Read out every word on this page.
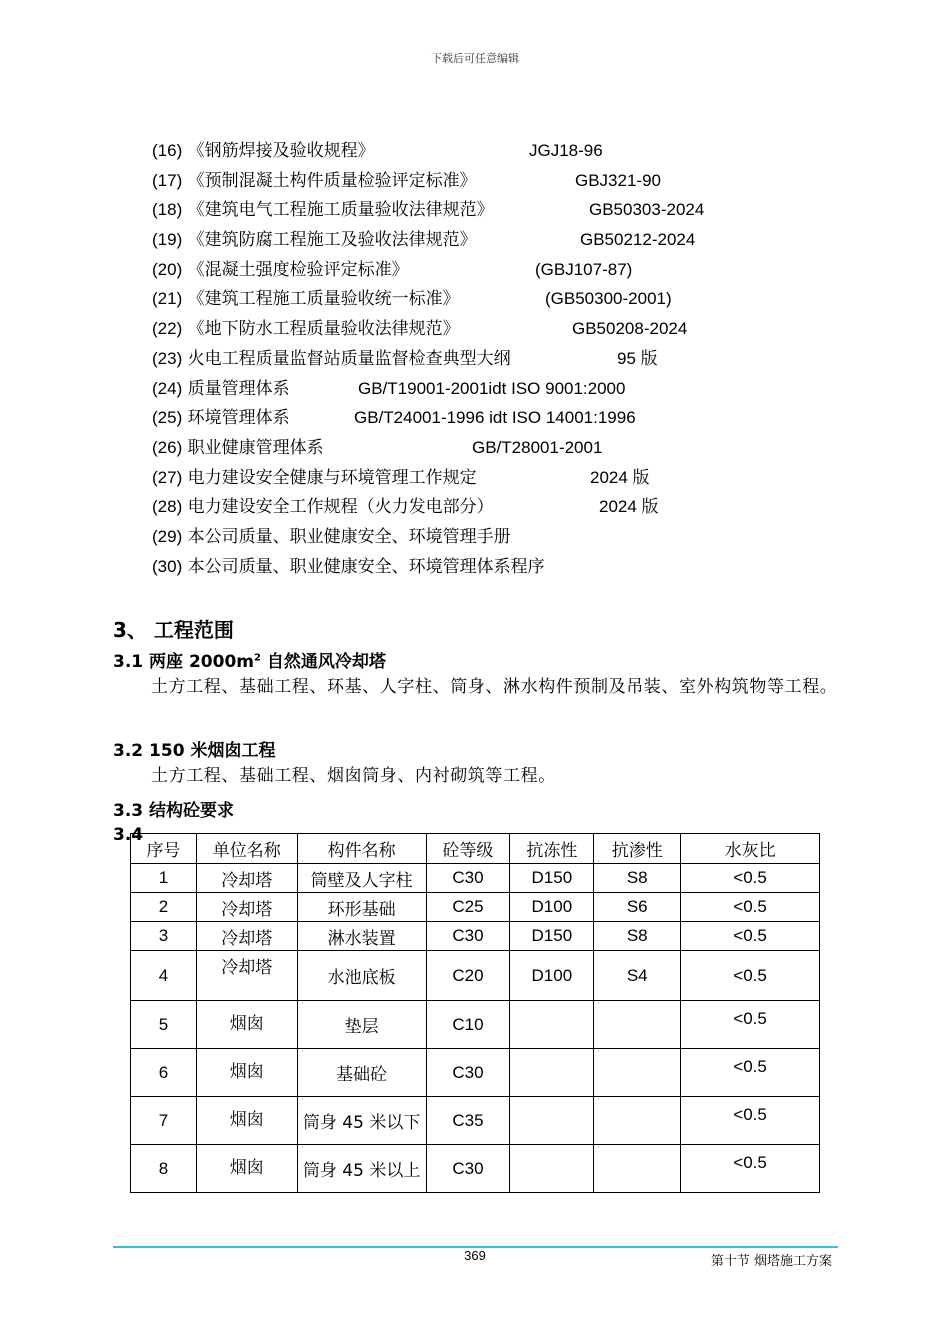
下载后可任意编辑
(16) 《钢筋焊接及验收规程》	JGJ18-96
(17) 《预制混凝土构件质量检验评定标准》	GBJ321-90
(18) 《建筑电气工程施工质量验收法律规范》	GB50303-2024
(19) 《建筑防腐工程施工及验收法律规范》	GB50212-2024
(20) 《混凝土强度检验评定标准》	(GBJ107-87)
(21) 《建筑工程施工质量验收统一标准》	(GB50300-2001)
(22) 《地下防水工程质量验收法律规范》	GB50208-2024
(23) 火电工程质量监督站质量监督检查典型大纲	95 版
(24) 质量管理体系	GB/T19001-2001idt ISO 9001:2000
(25) 环境管理体系	GB/T24001-1996 idt ISO 14001:1996
(26) 职业健康管理体系	GB/T28001-2001
(27) 电力建设安全健康与环境管理工作规定	2024 版
(28) 电力建设安全工作规程（火力发电部分）	2024 版
(29) 本公司质量、职业健康安全、环境管理手册
(30) 本公司质量、职业健康安全、环境管理体系程序
3、 工程范围
3.1 两座 $2000m^2$ 自然通风冷却塔
土方工程、基础工程、环基、人字柱、筒身、淋水构件预制及吊装、室外构筑物等工程。
3.2 150 米烟囱工程
土方工程、基础工程、烟囱筒身、内衬砌筑等工程。
3.3 结构砼要求
3.4
序号	单位名称	构件名称	砼等级	抗冻性	抗渗性	水灰比
1	冷却塔	筒壁及人字柱	C30	D150	S8	<0.5
2	冷却塔	环形基础	C25	D100	S6	<0.5
3	冷却塔	淋水装置	C30	D150	S8	<0.5
4	冷却塔	水池底板	C20	D100	S4	<0.5
5	烟囱	垫层	C10			<0.5
6	烟囱	基础砼	C30			<0.5
7	烟囱	筒身 45 米以下	C35			<0.5
8	烟囱	筒身 45 米以上	C30			<0.5
369	第十节 烟塔施工方案
